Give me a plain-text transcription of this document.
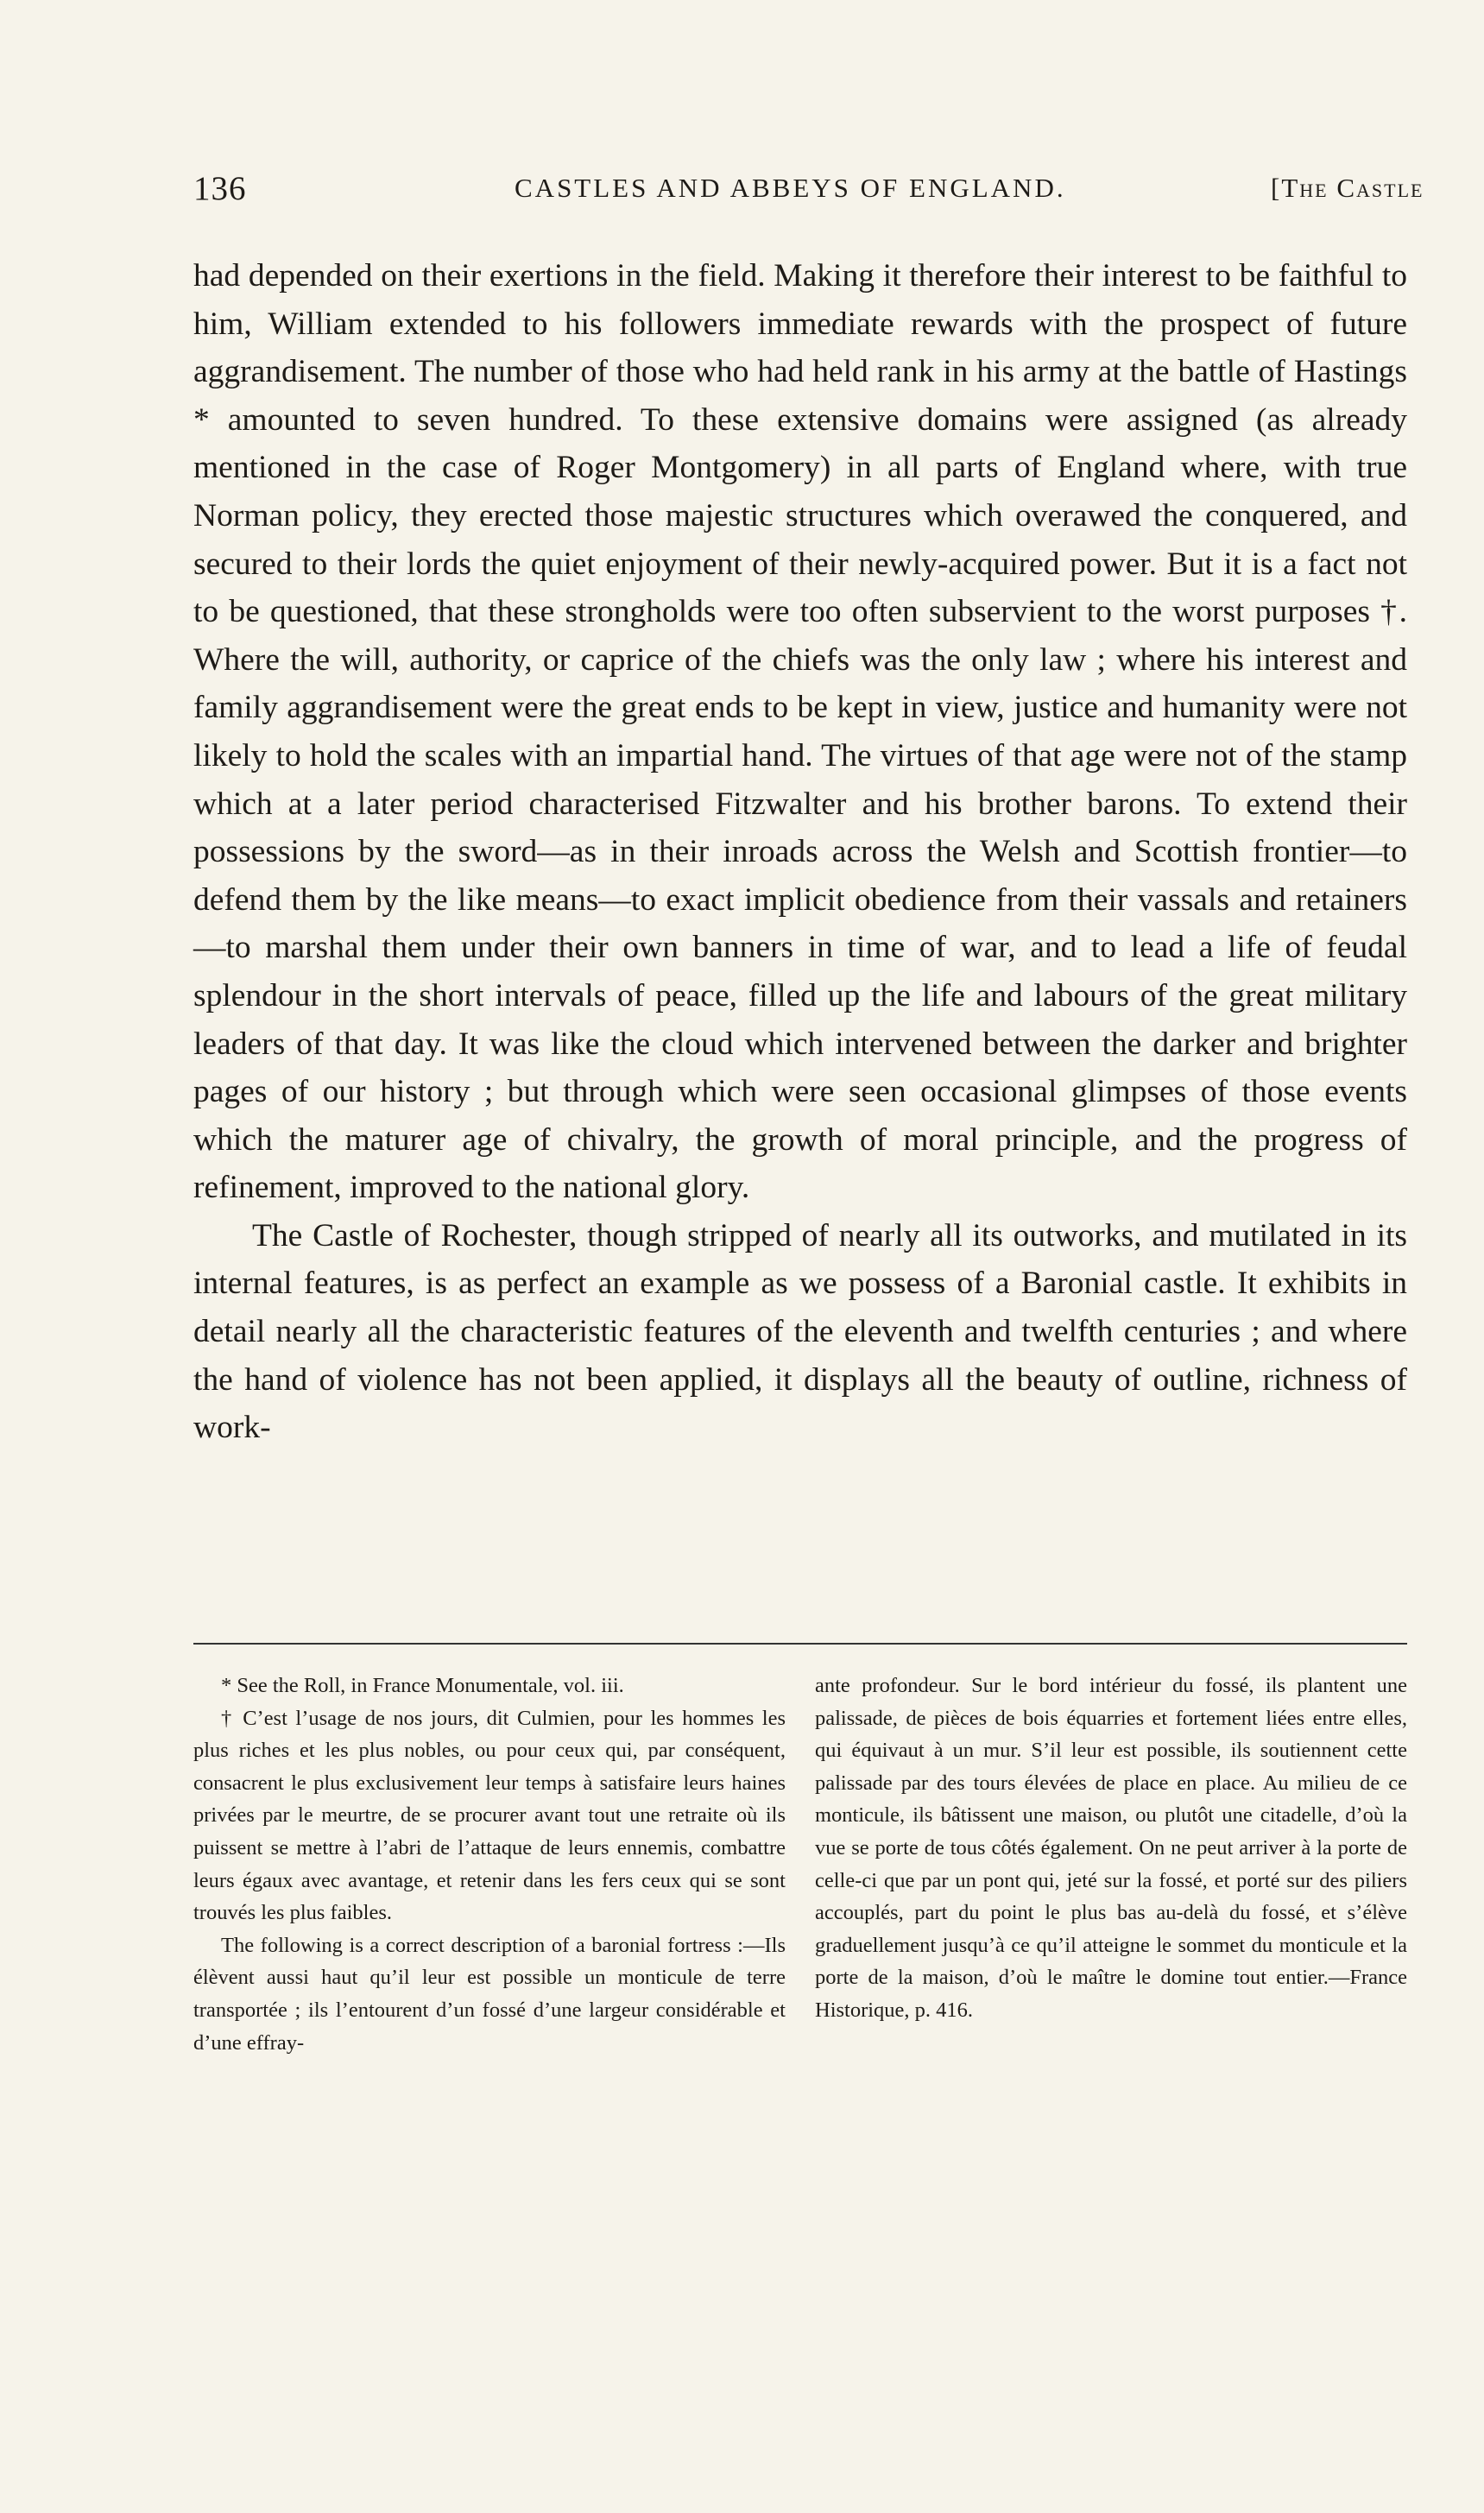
136	CASTLES AND ABBEYS OF ENGLAND.	[The Castle

had depended on their exertions in the field. Making it therefore their interest to be faithful to him, William extended to his followers immediate rewards with the prospect of future aggrandisement. The number of those who had held rank in his army at the battle of Hastings * amounted to seven hundred. To these extensive domains were assigned (as already mentioned in the case of Roger Montgomery) in all parts of England where, with true Norman policy, they erected those majestic structures which overawed the conquered, and secured to their lords the quiet enjoyment of their newly-acquired power. But it is a fact not to be questioned, that these strongholds were too often subservient to the worst purposes †. Where the will, authority, or caprice of the chiefs was the only law ; where his interest and family aggrandisement were the great ends to be kept in view, justice and humanity were not likely to hold the scales with an impartial hand. The virtues of that age were not of the stamp which at a later period characterised Fitzwalter and his brother barons. To extend their possessions by the sword—as in their inroads across the Welsh and Scottish frontier—to defend them by the like means—to exact implicit obedience from their vassals and retainers—to marshal them under their own banners in time of war, and to lead a life of feudal splendour in the short intervals of peace, filled up the life and labours of the great military leaders of that day. It was like the cloud which intervened between the darker and brighter pages of our history ; but through which were seen occasional glimpses of those events which the maturer age of chivalry, the growth of moral principle, and the progress of refinement, improved to the national glory.

The Castle of Rochester, though stripped of nearly all its outworks, and mutilated in its internal features, is as perfect an example as we possess of a Baronial castle. It exhibits in detail nearly all the characteristic features of the eleventh and twelfth centuries ; and where the hand of violence has not been applied, it displays all the beauty of outline, richness of work-

* See the Roll, in France Monumentale, vol. iii.

† C’est l’usage de nos jours, dit Culmien, pour les hommes les plus riches et les plus nobles, ou pour ceux qui, par conséquent, consacrent le plus exclusivement leur temps à satisfaire leurs haines privées par le meurtre, de se procurer avant tout une retraite où ils puissent se mettre à l’abri de l’attaque de leurs ennemis, combattre leurs égaux avec avantage, et retenir dans les fers ceux qui se sont trouvés les plus faibles.

The following is a correct description of a baronial fortress :—Ils élèvent aussi haut qu’il leur est possible un monticule de terre transportée ; ils l’entourent d’un fossé d’une largeur considérable et d’une effray-

ante profondeur. Sur le bord intérieur du fossé, ils plantent une palissade, de pièces de bois équarries et fortement liées entre elles, qui équivaut à un mur. S’il leur est possible, ils soutiennent cette palissade par des tours élevées de place en place. Au milieu de ce monticule, ils bâtissent une maison, ou plutôt une citadelle, d’où la vue se porte de tous côtés également. On ne peut arriver à la porte de celle-ci que par un pont qui, jeté sur la fossé, et porté sur des piliers accouplés, part du point le plus bas au-delà du fossé, et s’élève graduellement jusqu’à ce qu’il atteigne le sommet du monticule et la porte de la maison, d’où le maître le domine tout entier.—France Historique, p. 416.
